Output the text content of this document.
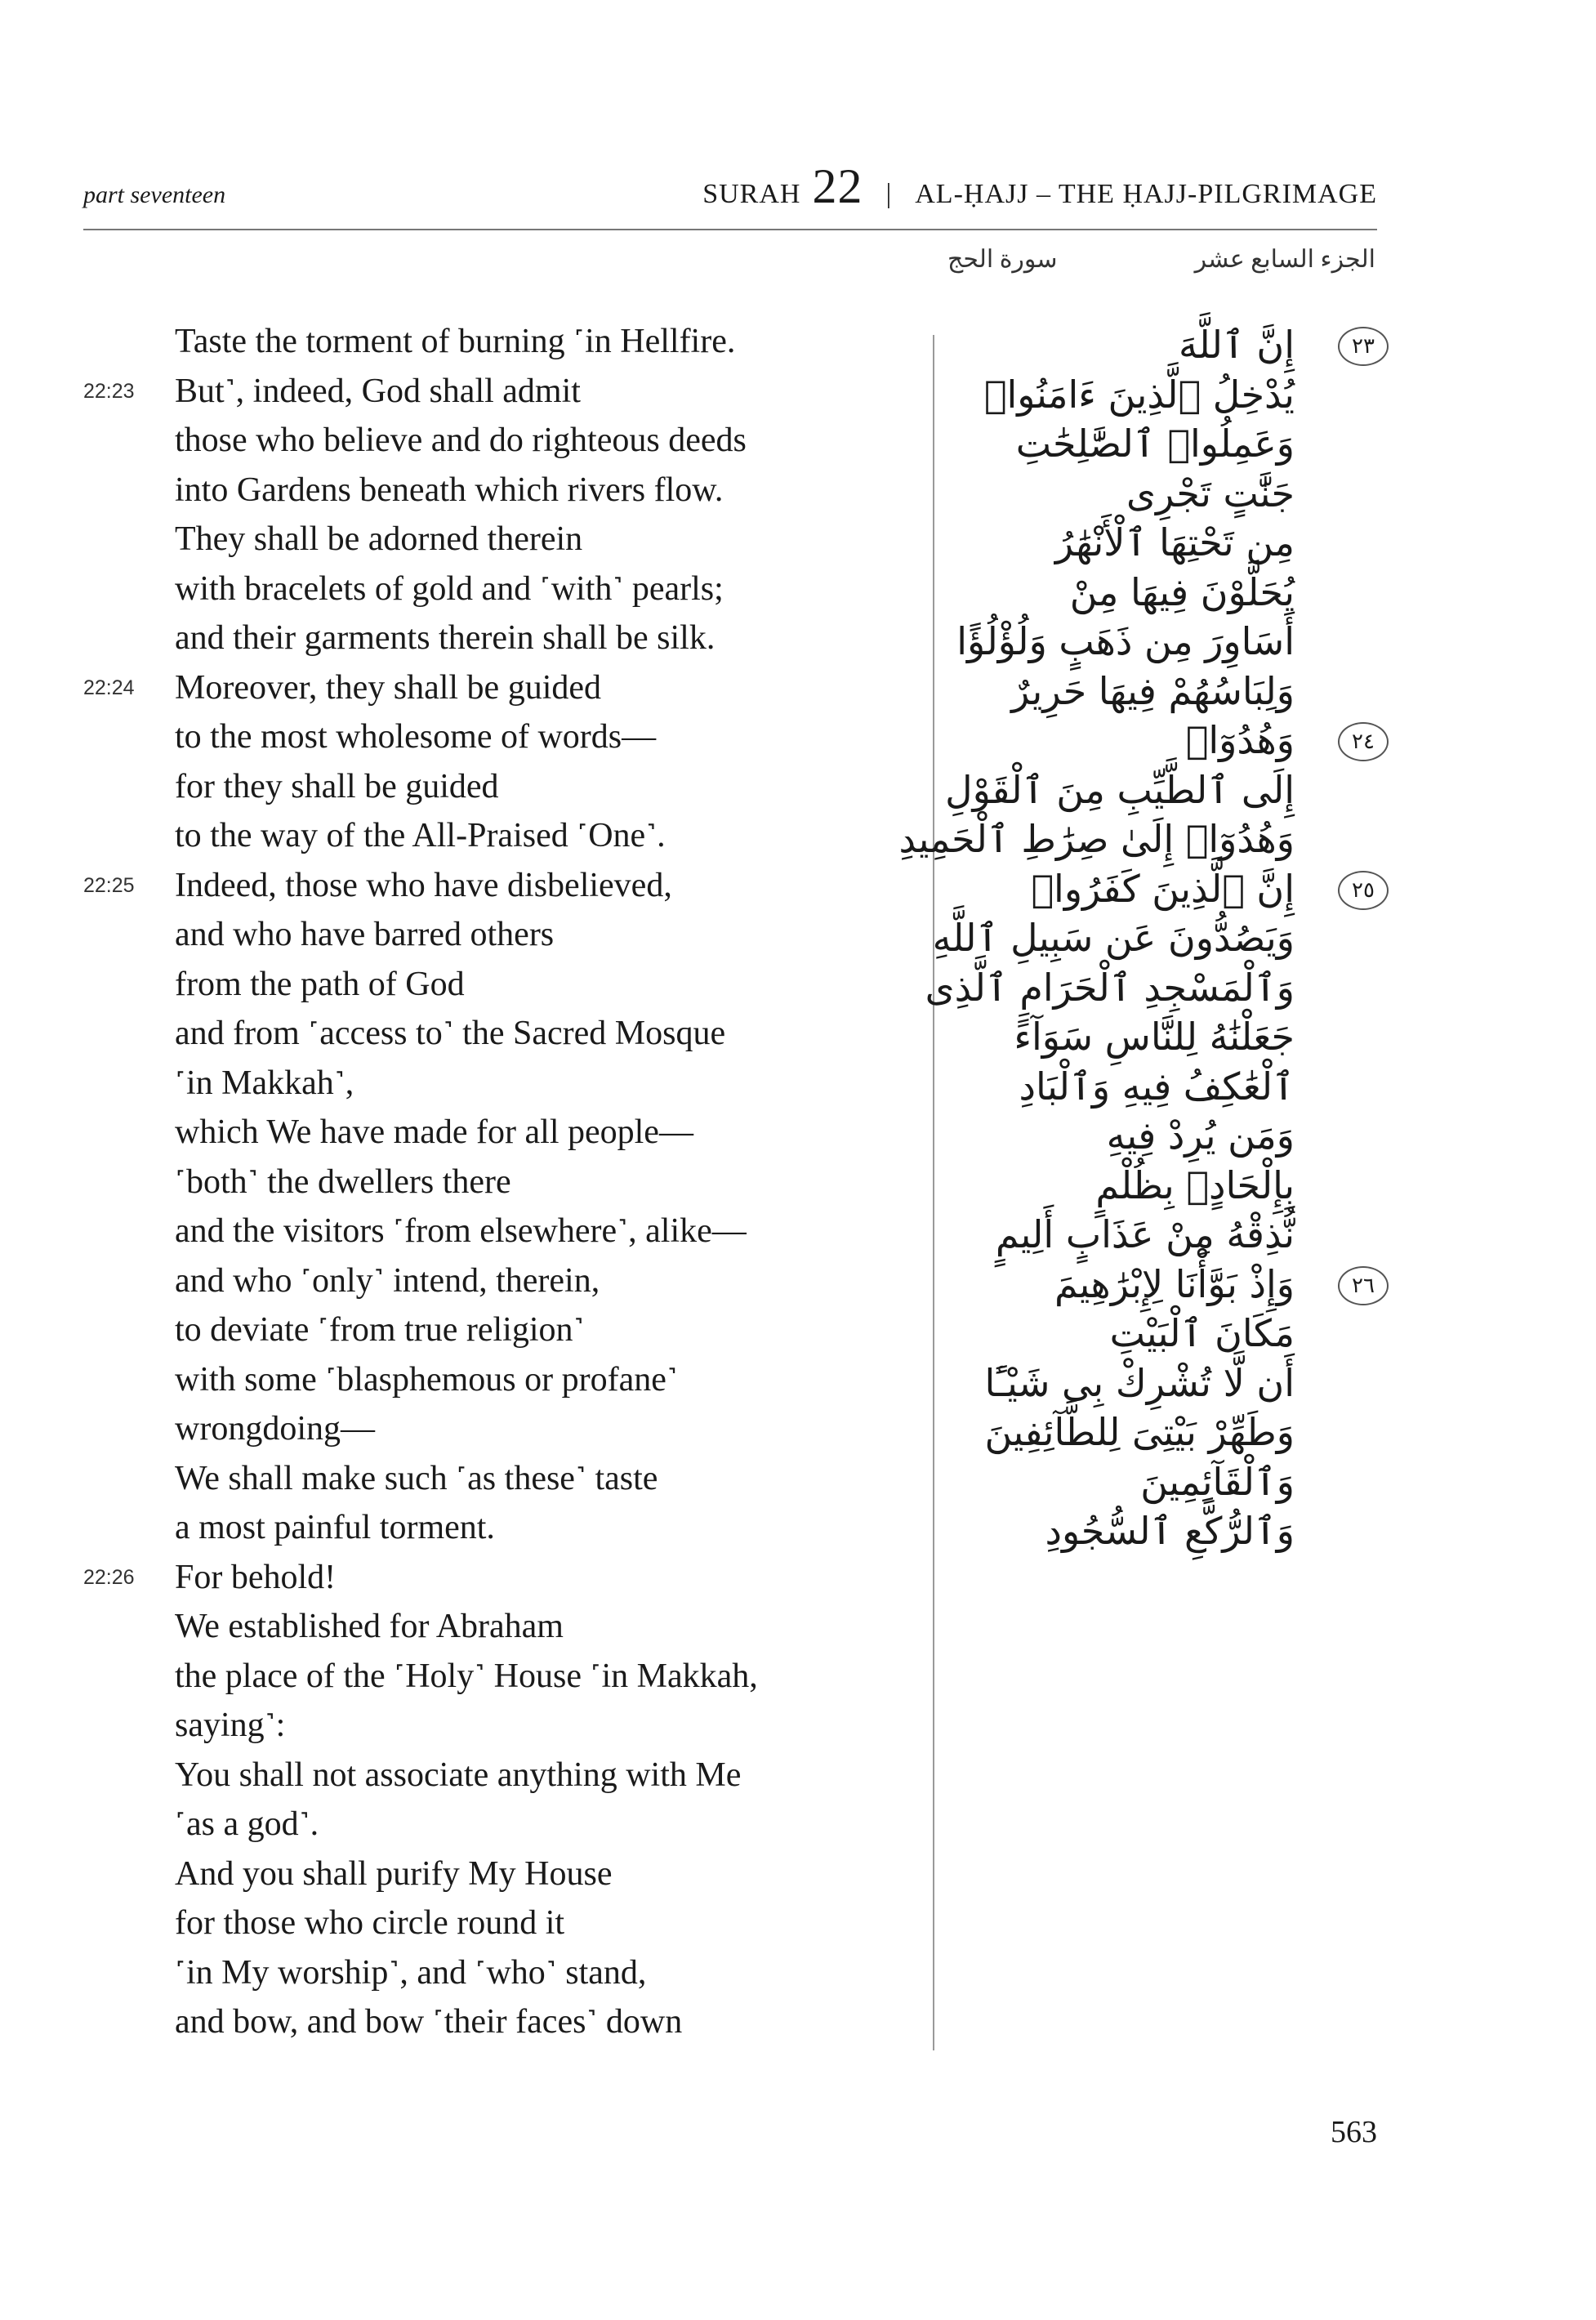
part seventeen	SURAH 22 | AL-ḤAJJ – THE ḤAJJ-PILGRIMAGE
الجزء السابع عشر
سورة الحج
Taste the torment of burning ˹in Hellfire.
22:23 But˺, indeed, God shall admit
those who believe and do righteous deeds
into Gardens beneath which rivers flow.
They shall be adorned therein
with bracelets of gold and ˹with˺ pearls;
and their garments therein shall be silk.
22:24 Moreover, they shall be guided
to the most wholesome of words—
for they shall be guided
to the way of the All-Praised ˹One˺.
22:25 Indeed, those who have disbelieved,
and who have barred others
from the path of God
and from ˹access to˺ the Sacred Mosque
˹in Makkah˺,
which We have made for all people—
˹both˺ the dwellers there
and the visitors ˹from elsewhere˺, alike—
and who ˹only˺ intend, therein,
to deviate ˹from true religion˺
with some ˹blasphemous or profane˺
wrongdoing—
We shall make such ˹as these˺ taste
a most painful torment.
22:26 For behold!
We established for Abraham
the place of the ˹Holy˺ House ˹in Makkah,
saying˺:
You shall not associate anything with Me
˹as a god˺.
And you shall purify My House
for those who circle round it
˹in My worship˺, and ˹who˺ stand,
and bow, and bow ˹their faces˺ down
٢٣
إِنَّ ٱللَّهَ
يُدْخِلُ ٱلَّذِينَ ءَامَنُوا۟
وَعَمِلُوا۟ ٱلصَّٰلِحَٰتِ
جَنَّٰتٍ تَجْرِى
مِن تَحْتِهَا ٱلْأَنْهَٰرُ
يُحَلَّوْنَ فِيهَا مِنْ
أَسَاوِرَ مِن ذَهَبٍ وَلُؤْلُؤًا
وَلِبَاسُهُمْ فِيهَا حَرِيرٌ
٢٤
وَهُدُوٓا۟
إِلَى ٱلطَّيِّبِ مِنَ ٱلْقَوْلِ
وَهُدُوٓا۟ إِلَىٰ صِرَٰطِ ٱلْحَمِيدِ
٢٥
إِنَّ ٱلَّذِينَ كَفَرُوا۟
وَيَصُدُّونَ عَن سَبِيلِ ٱللَّهِ
وَٱلْمَسْجِدِ ٱلْحَرَامِ ٱلَّذِى
جَعَلْنَٰهُ لِلنَّاسِ سَوَآءً
ٱلْعَٰكِفُ فِيهِ وَٱلْبَادِ
وَمَن يُرِدْ فِيهِ
بِإِلْحَادٍۭ بِظُلْمٍ
نُّذِقْهُ مِنْ عَذَابٍ أَلِيمٍ
٢٦
وَإِذْ بَوَّأْنَا لِإِبْرَٰهِيمَ
مَكَانَ ٱلْبَيْتِ
أَن لَّا تُشْرِكْ بِى شَيْـًٔا
وَطَهِّرْ بَيْتِىَ لِلطَّآئِفِينَ
وَٱلْقَآئِمِينَ
وَٱلرُّكَّعِ ٱلسُّجُودِ
563
